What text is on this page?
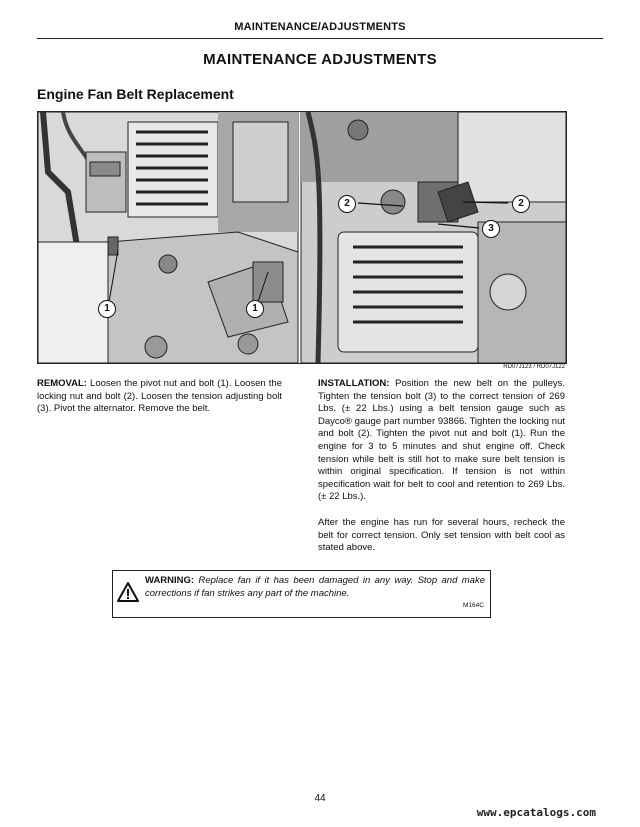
MAINTENANCE/ADJUSTMENTS
MAINTENANCE ADJUSTMENTS
Engine Fan Belt Replacement
1	1
2	2
3
RD07J123 / RD07J122
REMOVAL: Loosen the pivot nut and bolt (1). Loosen the locking nut and bolt (2). Loosen the tension adjusting bolt (3). Pivot the alternator. Remove the belt.
INSTALLATION: Position the new belt on the pulleys. Tighten the tension bolt (3) to the correct tension of 269 Lbs. (± 22 Lbs.) using a belt tension gauge such as Dayco® gauge part number 93866. Tighten the locking nut and bolt (2). Tighten the pivot nut and bolt (1). Run the engine for 3 to 5 minutes and shut engine off. Check tension while belt is still hot to make sure belt tension is within original specification. If tension is not within specification wait for belt to cool and retention to 269 Lbs. (± 22 Lbs.).
After the engine has run for several hours, recheck the belt for correct tension. Only set tension with belt cool as stated above.
WARNING: Replace fan if it has been damaged in any way. Stop and make corrections if fan strikes any part of the machine.
M164C
44
www.epcatalogs.com
